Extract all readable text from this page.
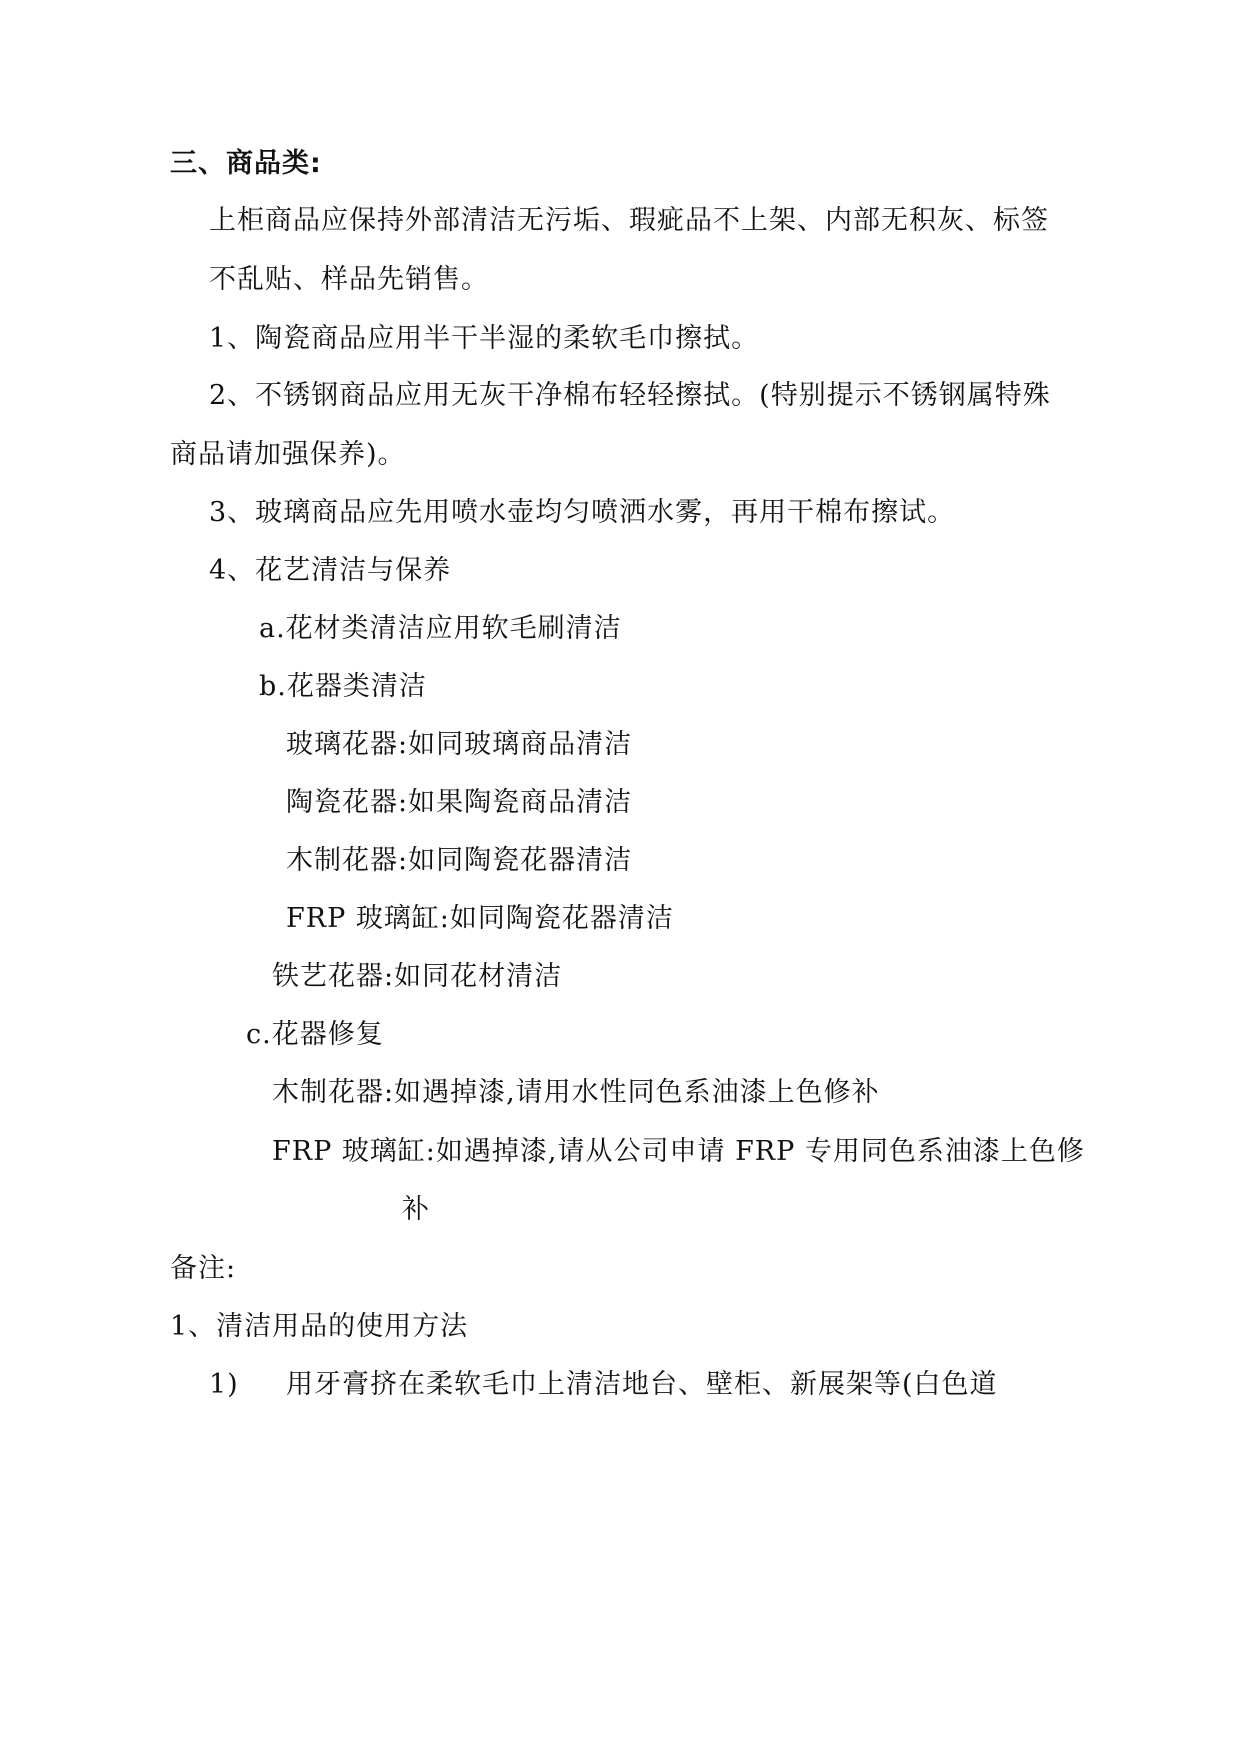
三、商品类:
上柜商品应保持外部清洁无污垢、瑕疵品不上架、内部无积灰、标签
不乱贴、样品先销售。
1、陶瓷商品应用半干半湿的柔软毛巾擦拭。
2、不锈钢商品应用无灰干净棉布轻轻擦拭。(特别提示不锈钢属特殊
商品请加强保养)。
3、玻璃商品应先用喷水壶均匀喷洒水雾，再用干棉布擦试。
4、花艺清洁与保养
a.花材类清洁应用软毛刷清洁
b.花器类清洁
玻璃花器:如同玻璃商品清洁
陶瓷花器:如果陶瓷商品清洁
木制花器:如同陶瓷花器清洁
FRP 玻璃缸:如同陶瓷花器清洁
铁艺花器:如同花材清洁
c.花器修复
木制花器:如遇掉漆,请用水性同色系油漆上色修补
FRP 玻璃缸:如遇掉漆,请从公司申请 FRP 专用同色系油漆上色修
补
备注:
1、清洁用品的使用方法
1) 用牙膏挤在柔软毛巾上清洁地台、壁柜、新展架等(白色道
